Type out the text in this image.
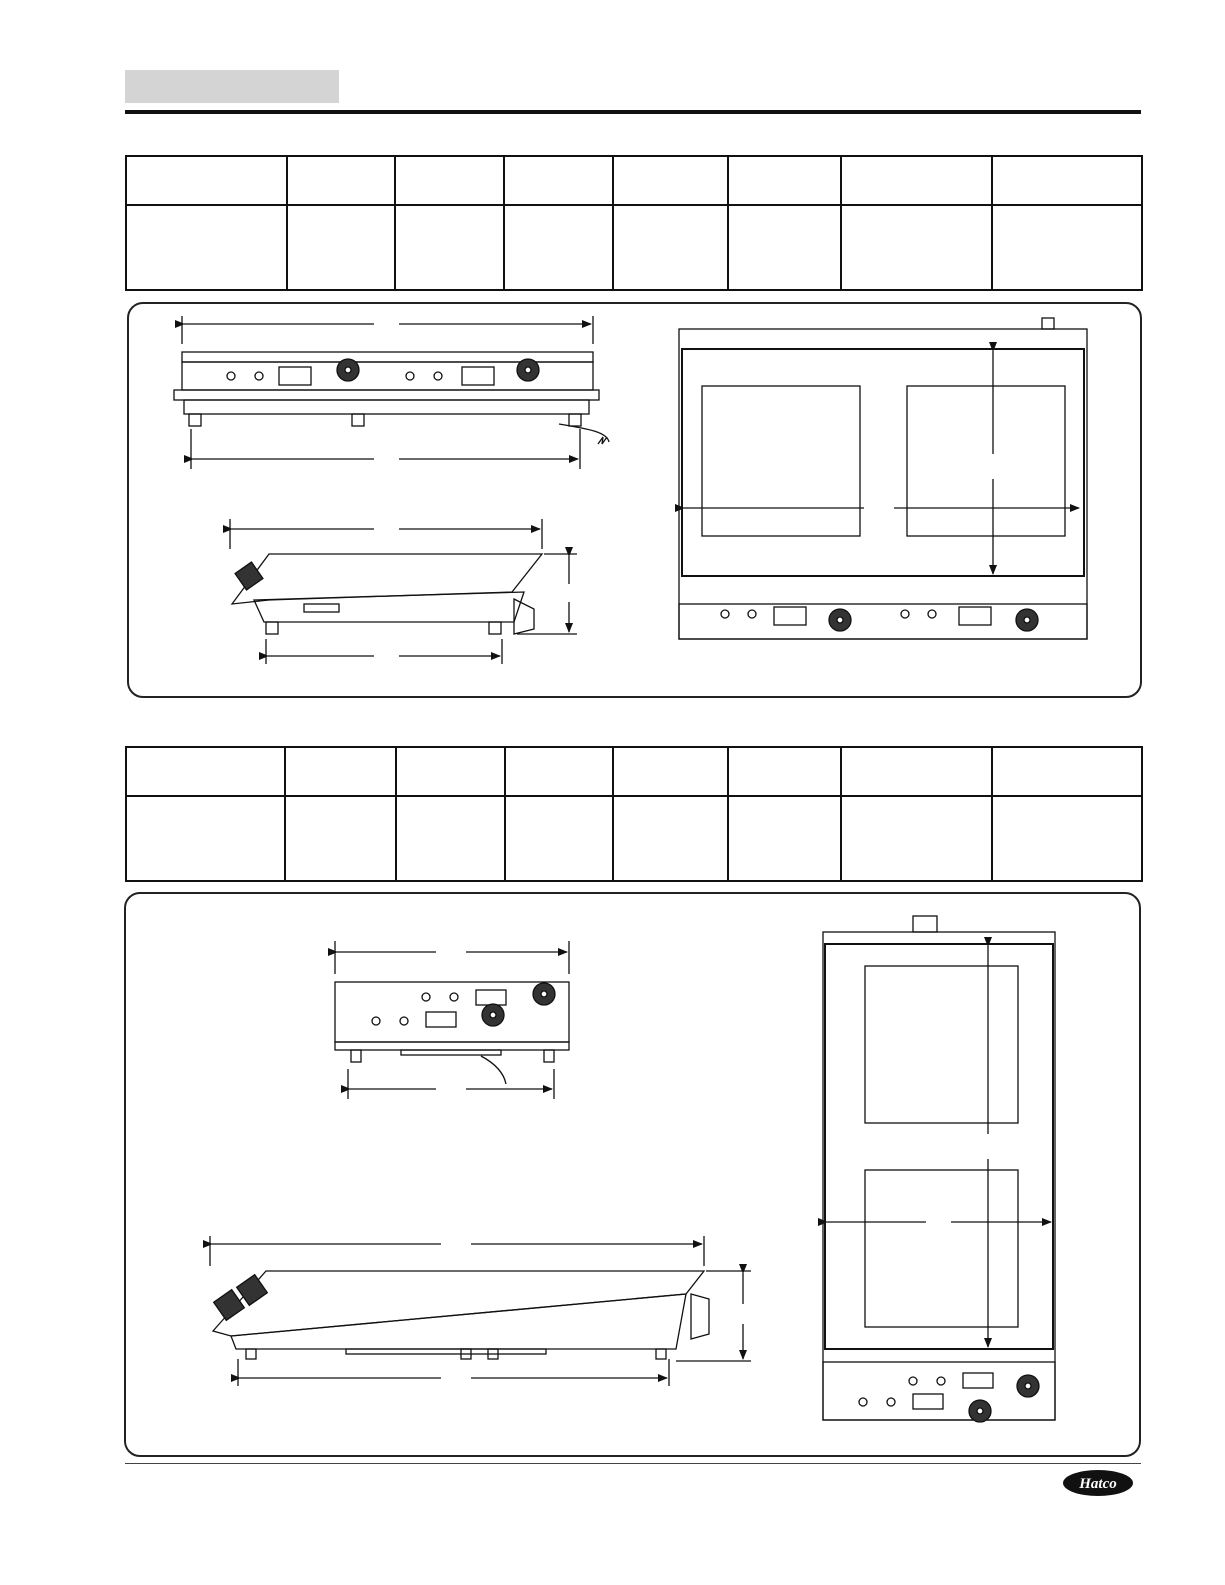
Hatco
